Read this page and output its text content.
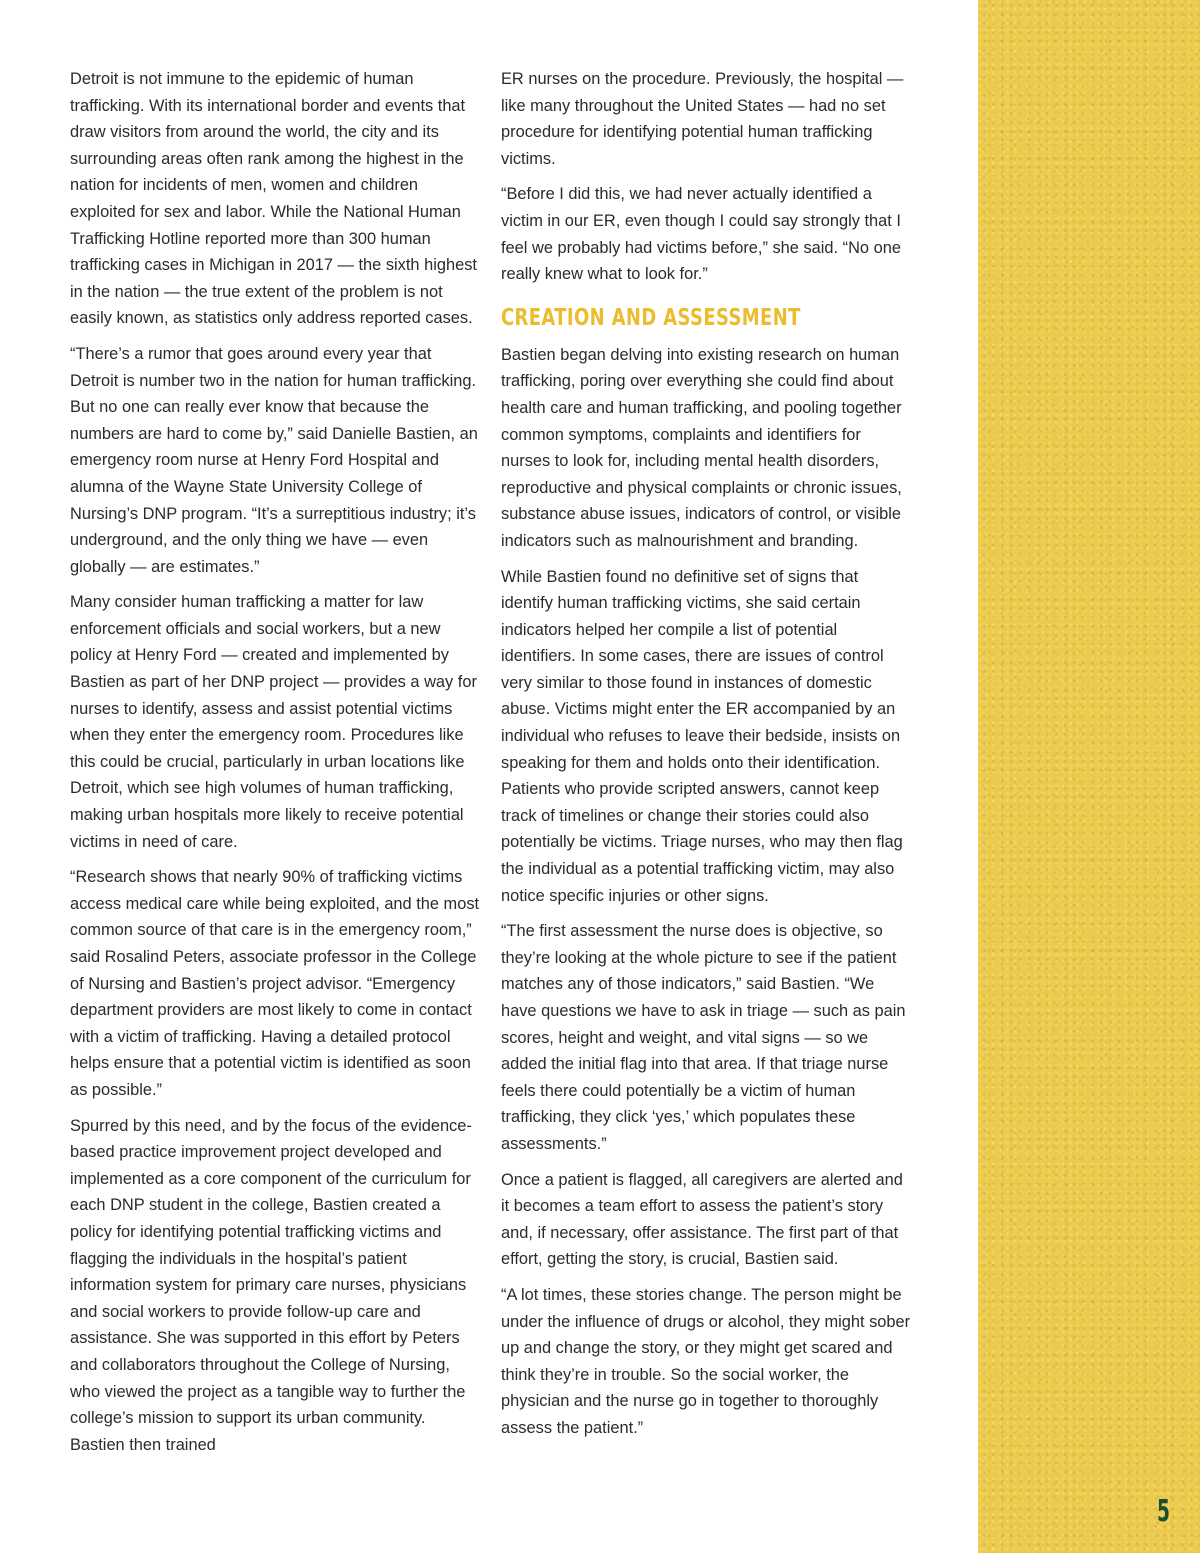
Detroit is not immune to the epidemic of human trafficking. With its international border and events that draw visitors from around the world, the city and its surrounding areas often rank among the highest in the nation for incidents of men, women and children exploited for sex and labor. While the National Human Trafficking Hotline reported more than 300 human trafficking cases in Michigan in 2017 — the sixth highest in the nation — the true extent of the problem is not easily known, as statistics only address reported cases.

“There’s a rumor that goes around every year that Detroit is number two in the nation for human trafficking. But no one can really ever know that because the numbers are hard to come by,” said Danielle Bastien, an emergency room nurse at Henry Ford Hospital and alumna of the Wayne State University College of Nursing’s DNP program. “It’s a surreptitious industry; it’s underground, and the only thing we have — even globally — are estimates.”

Many consider human trafficking a matter for law enforcement officials and social workers, but a new policy at Henry Ford — created and implemented by Bastien as part of her DNP project — provides a way for nurses to identify, assess and assist potential victims when they enter the emergency room. Procedures like this could be crucial, particularly in urban locations like Detroit, which see high volumes of human trafficking, making urban hospitals more likely to receive potential victims in need of care.

“Research shows that nearly 90% of trafficking victims access medical care while being exploited, and the most common source of that care is in the emergency room,” said Rosalind Peters, associate professor in the College of Nursing and Bastien’s project advisor. “Emergency department providers are most likely to come in contact with a victim of trafficking. Having a detailed protocol helps ensure that a potential victim is identified as soon as possible.”

Spurred by this need, and by the focus of the evidence-based practice improvement project developed and implemented as a core component of the curriculum for each DNP student in the college, Bastien created a policy for identifying potential trafficking victims and flagging the individuals in the hospital’s patient information system for primary care nurses, physicians and social workers to provide follow-up care and assistance. She was supported in this effort by Peters and collaborators throughout the College of Nursing, who viewed the project as a tangible way to further the college’s mission to support its urban community. Bastien then trained

ER nurses on the procedure. Previously, the hospital — like many throughout the United States — had no set procedure for identifying potential human trafficking victims.

“Before I did this, we had never actually identified a victim in our ER, even though I could say strongly that I feel we probably had victims before,” she said. “No one really knew what to look for.”

CREATION AND ASSESSMENT

Bastien began delving into existing research on human trafficking, poring over everything she could find about health care and human trafficking, and pooling together common symptoms, complaints and identifiers for nurses to look for, including mental health disorders, reproductive and physical complaints or chronic issues, substance abuse issues, indicators of control, or visible indicators such as malnourishment and branding.

While Bastien found no definitive set of signs that identify human trafficking victims, she said certain indicators helped her compile a list of potential identifiers. In some cases, there are issues of control very similar to those found in instances of domestic abuse. Victims might enter the ER accompanied by an individual who refuses to leave their bedside, insists on speaking for them and holds onto their identification. Patients who provide scripted answers, cannot keep track of timelines or change their stories could also potentially be victims. Triage nurses, who may then flag the individual as a potential trafficking victim, may also notice specific injuries or other signs.

“The first assessment the nurse does is objective, so they’re looking at the whole picture to see if the patient matches any of those indicators,” said Bastien. “We have questions we have to ask in triage — such as pain scores, height and weight, and vital signs — so we added the initial flag into that area. If that triage nurse feels there could potentially be a victim of human trafficking, they click ‘yes,’ which populates these assessments.”

Once a patient is flagged, all caregivers are alerted and it becomes a team effort to assess the patient’s story and, if necessary, offer assistance. The first part of that effort, getting the story, is crucial, Bastien said.

“A lot times, these stories change. The person might be under the influence of drugs or alcohol, they might sober up and change the story, or they might get scared and think they’re in trouble. So the social worker, the physician and the nurse go in together to thoroughly assess the patient.”

5
